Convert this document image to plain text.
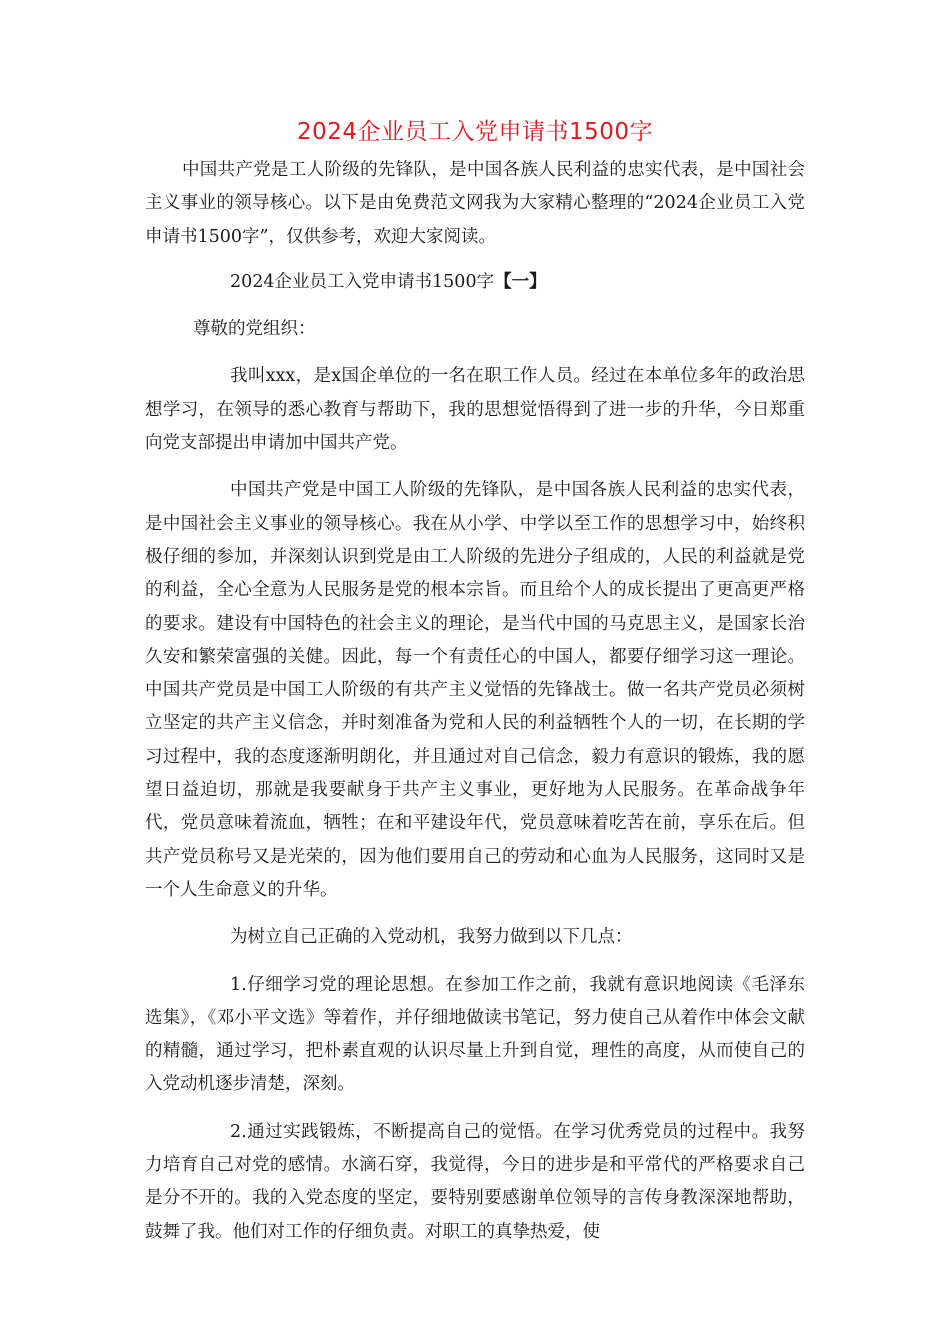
2024企业员工入党申请书1500字

中国共产党是工人阶级的先锋队，是中国各族人民利益的忠实代表，是中国社会主义事业的领导核心。以下是由免费范文网我为大家精心整理的“2024企业员工入党申请书1500字”，仅供参考，欢迎大家阅读。

2024企业员工入党申请书1500字【一】

尊敬的党组织：

我叫xxx，是x国企单位的一名在职工作人员。经过在本单位多年的政治思想学习，在领导的悉心教育与帮助下，我的思想觉悟得到了进一步的升华，今日郑重向党支部提出申请加中国共产党。

中国共产党是中国工人阶级的先锋队，是中国各族人民利益的忠实代表，是中国社会主义事业的领导核心。我在从小学、中学以至工作的思想学习中，始终积极仔细的参加，并深刻认识到党是由工人阶级的先进分子组成的，人民的利益就是党的利益，全心全意为人民服务是党的根本宗旨。而且给个人的成长提出了更高更严格的要求。建设有中国特色的社会主义的理论，是当代中国的马克思主义，是国家长治久安和繁荣富强的关健。因此，每一个有责任心的中国人，都要仔细学习这一理论。中国共产党员是中国工人阶级的有共产主义觉悟的先锋战士。做一名共产党员必须树立坚定的共产主义信念，并时刻准备为党和人民的利益牺牲个人的一切，在长期的学习过程中，我的态度逐渐明朗化，并且通过对自己信念，毅力有意识的锻炼，我的愿望日益迫切，那就是我要献身于共产主义事业，更好地为人民服务。在革命战争年代，党员意味着流血，牺牲；在和平建设年代，党员意味着吃苦在前，享乐在后。但共产党员称号又是光荣的，因为他们要用自己的劳动和心血为人民服务，这同时又是一个人生命意义的升华。

为树立自己正确的入党动机，我努力做到以下几点：

1.仔细学习党的理论思想。在参加工作之前，我就有意识地阅读《毛泽东选集》，《邓小平文选》等着作，并仔细地做读书笔记，努力使自己从着作中体会文献的精髓，通过学习，把朴素直观的认识尽量上升到自觉，理性的高度，从而使自己的入党动机逐步清楚，深刻。

2.通过实践锻炼，不断提高自己的觉悟。在学习优秀党员的过程中。我努力培育自己对党的感情。水滴石穿，我觉得，今日的进步是和平常代的严格要求自己是分不开的。我的入党态度的坚定，要特别要感谢单位领导的言传身教深深地帮助，鼓舞了我。他们对工作的仔细负责。对职工的真挚热爱，使
